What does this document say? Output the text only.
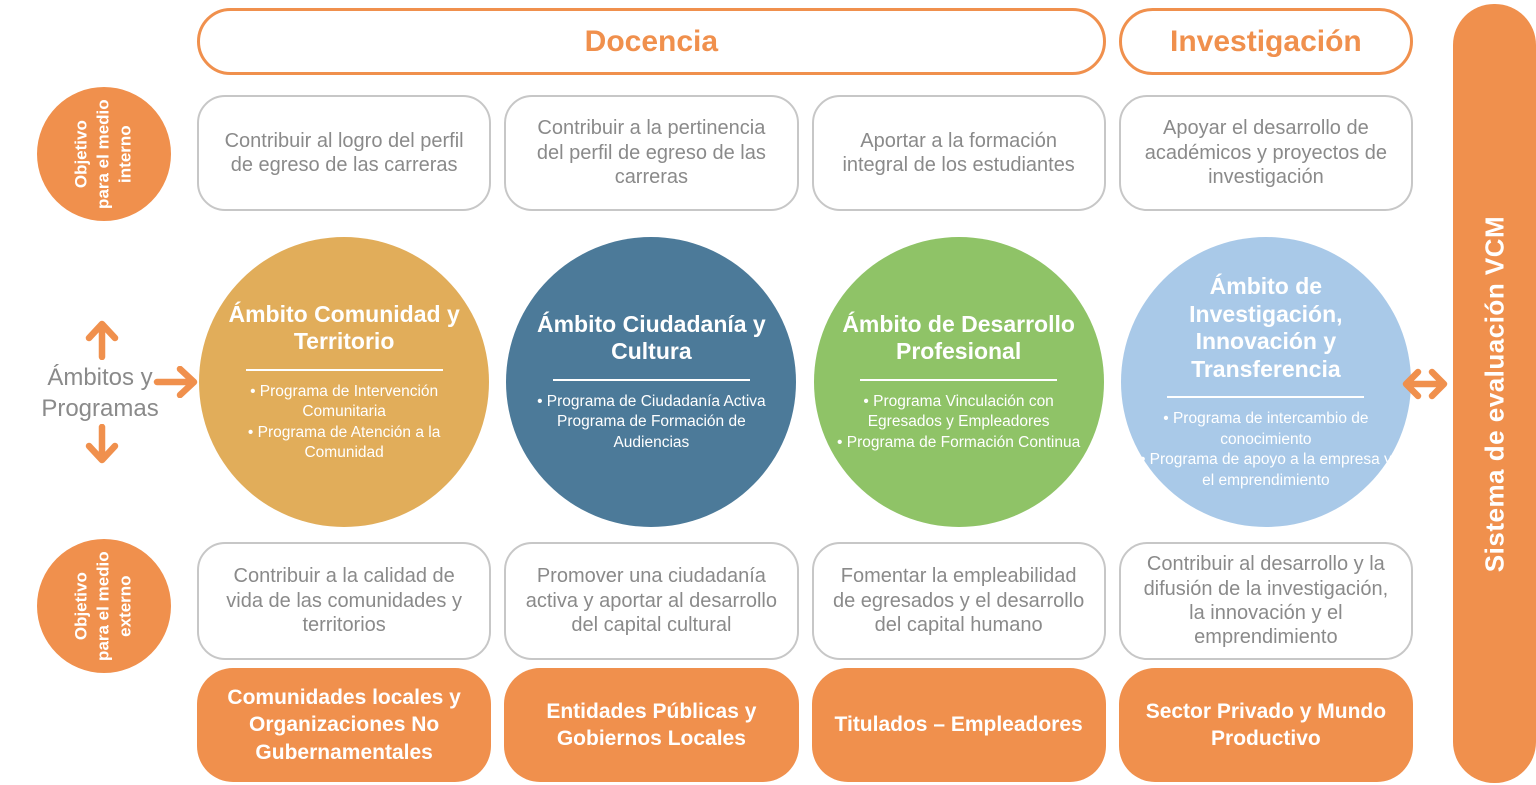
Docencia	Investigación
Objetivo para el medio interno
Ámbitos y Programas
Objetivo para el medio externo
Contribuir al logro del perfil de egreso de las carreras
Ámbito Comunidad y Territorio
• Programa de Intervención Comunitaria
• Programa de Atención a la Comunidad
Contribuir a la calidad de vida de las comunidades y territorios
Comunidades locales y Organizaciones No Gubernamentales
Contribuir a la pertinencia del perfil de egreso de las carreras
Ámbito Ciudadanía y Cultura
• Programa de Ciudadanía Activa
Programa de Formación de Audiencias
Promover una ciudadanía activa y aportar al desarrollo del capital cultural
Entidades Públicas y Gobiernos Locales
Aportar a la formación integral de los estudiantes
Ámbito de Desarrollo Profesional
• Programa Vinculación con Egresados y Empleadores
• Programa de Formación Continua
Fomentar la empleabilidad de egresados y el desarrollo del capital humano
Titulados – Empleadores
Apoyar el desarrollo de académicos y proyectos de investigación
Ámbito de Investigación, Innovación y Transferencia
• Programa de intercambio de conocimiento
• Programa de apoyo a la empresa y el emprendimiento
Contribuir al desarrollo y la difusión de la investigación, la innovación y el emprendimiento
Sector Privado y Mundo Productivo
Sistema de evaluación VCM
